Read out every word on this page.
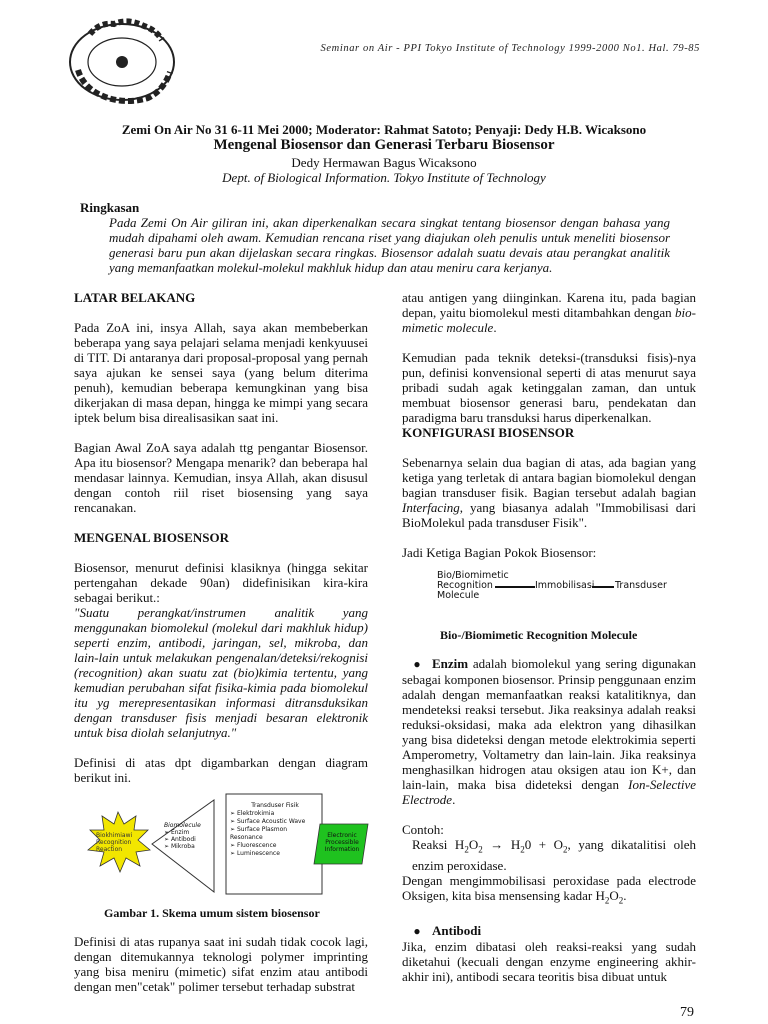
Seminar on Air - PPI Tokyo Institute of Technology 1999-2000 No1. Hal. 79-85
Zemi On Air No 31 6-11 Mei 2000; Moderator: Rahmat Satoto; Penyaji: Dedy H.B. Wicaksono
Mengenal Biosensor dan Generasi Terbaru Biosensor
Dedy Hermawan Bagus Wicaksono
Dept. of Biological Information. Tokyo Institute of Technology
Ringkasan
Pada Zemi On Air giliran ini, akan diperkenalkan secara singkat tentang biosensor dengan bahasa yang mudah dipahami oleh awam. Kemudian rencana riset yang diajukan oleh penulis untuk meneliti biosensor generasi baru pun akan dijelaskan secara ringkas. Biosensor adalah suatu devais atau perangkat analitik yang memanfaatkan molekul-molekul makhluk hidup dan atau meniru cara kerjanya.
LATAR BELAKANG

Pada ZoA ini, insya Allah, saya akan membeberkan beberapa yang saya pelajari selama menjadi kenkyuusei di TIT. Di antaranya dari proposal-proposal yang pernah saya ajukan ke sensei saya (yang belum diterima penuh), kemudian beberapa kemungkinan yang bisa dikerjakan di masa depan, hingga ke mimpi yang secara iptek belum bisa direalisasikan saat ini.

Bagian Awal ZoA saya adalah ttg pengantar Biosensor. Apa itu biosensor? Mengapa menarik? dan beberapa hal mendasar lainnya. Kemudian, insya Allah, akan disusul dengan contoh riil riset biosensing yang saya rencanakan.

MENGENAL BIOSENSOR

Biosensor, menurut definisi klasiknya (hingga sekitar pertengahan dekade 90an) didefinisikan kira-kira sebagai berikut.:

"Suatu perangkat/instrumen analitik yang menggunakan biomolekul (molekul dari makhluk hidup) seperti enzim, antibodi, jaringan, sel, mikroba, dan lain-lain untuk melakukan pengenalan/deteksi/rekognisi (recognition) akan suatu zat (bio)kimia tertentu, yang kemudian perubahan sifat fisika-kimia pada biomolekul itu yg merepresentasikan informasi ditransduksikan dengan transduser fisis menjadi besaran elektronik untuk bisa diolah selanjutnya."

Definisi di atas dpt digambarkan dengan diagram berikut ini.

Biokhimiawi Recognition Reaction
Biomolecule
➢ Enzim
➢ Antibodi
➢ Mikroba
Transduser Fisik
➢ Elektrokimia
➢ Surface Acoustic Wave
➢ Surface Plasmon Resonance
➢ Fluorescence
➢ Luminescence
Electronic Processible Information
Gambar 1. Skema umum sistem biosensor

Definisi di atas rupanya saat ini sudah tidak cocok lagi, dengan ditemukannya teknologi polymer imprinting yang bisa meniru (mimetic) sifat enzim atau antibodi dengan men"cetak" polimer tersebut terhadap substrat

atau antigen yang diinginkan. Karena itu, pada bagian depan, yaitu biomolekul mesti ditambahkan dengan bio-mimetic molecule.

Kemudian pada teknik deteksi-(transduksi fisis)-nya pun, definisi konvensional seperti di atas menurut saya pribadi sudah agak ketinggalan zaman, dan untuk membuat biosensor generasi baru, pendekatan dan paradigma baru transduksi harus diperkenalkan.

KONFIGURASI BIOSENSOR

Sebenarnya selain dua bagian di atas, ada bagian yang ketiga yang terletak di antara bagian biomolekul dengan bagian transduser fisik. Bagian tersebut adalah bagian Interfacing, yang biasanya adalah "Immobilisasi dari BioMolekul pada transduser Fisik".

Jadi Ketiga Bagian Pokok Biosensor:

Bio/Biomimetic
Recognition
Molecule
Immobilisasi Transduser
Bio-/Biomimetic Recognition Molecule

● Enzim adalah biomolekul yang sering digunakan sebagai komponen biosensor. Prinsip penggunaan enzim adalah dengan memanfaatkan reaksi katalitiknya, dan mendeteksi reaksi tersebut. Jika reaksinya adalah reaksi reduksi-oksidasi, maka ada elektron yang dihasilkan yang bisa dideteksi dengan metode elektrokimia seperti Amperometry, Voltametry dan lain-lain. Jika reaksinya menghasilkan hidrogen atau oksigen atau ion K+, dan lain-lain, maka bisa dideteksi dengan Ion-Selective Electrode.

Contoh:

Reaksi $H_2O_2 \to H_20 + O_2$, yang dikatalitisi oleh enzim peroxidase.

Dengan mengimmobilisasi peroxidase pada electrode Oksigen, kita bisa mensensing kadar $H_2O_2$.

● Antibodi

Jika, enzim dibatasi oleh reaksi-reaksi yang sudah diketahui (kecuali dengan enzyme engineering akhir-akhir ini), antibodi secara teoritis bisa dibuat untuk

79
